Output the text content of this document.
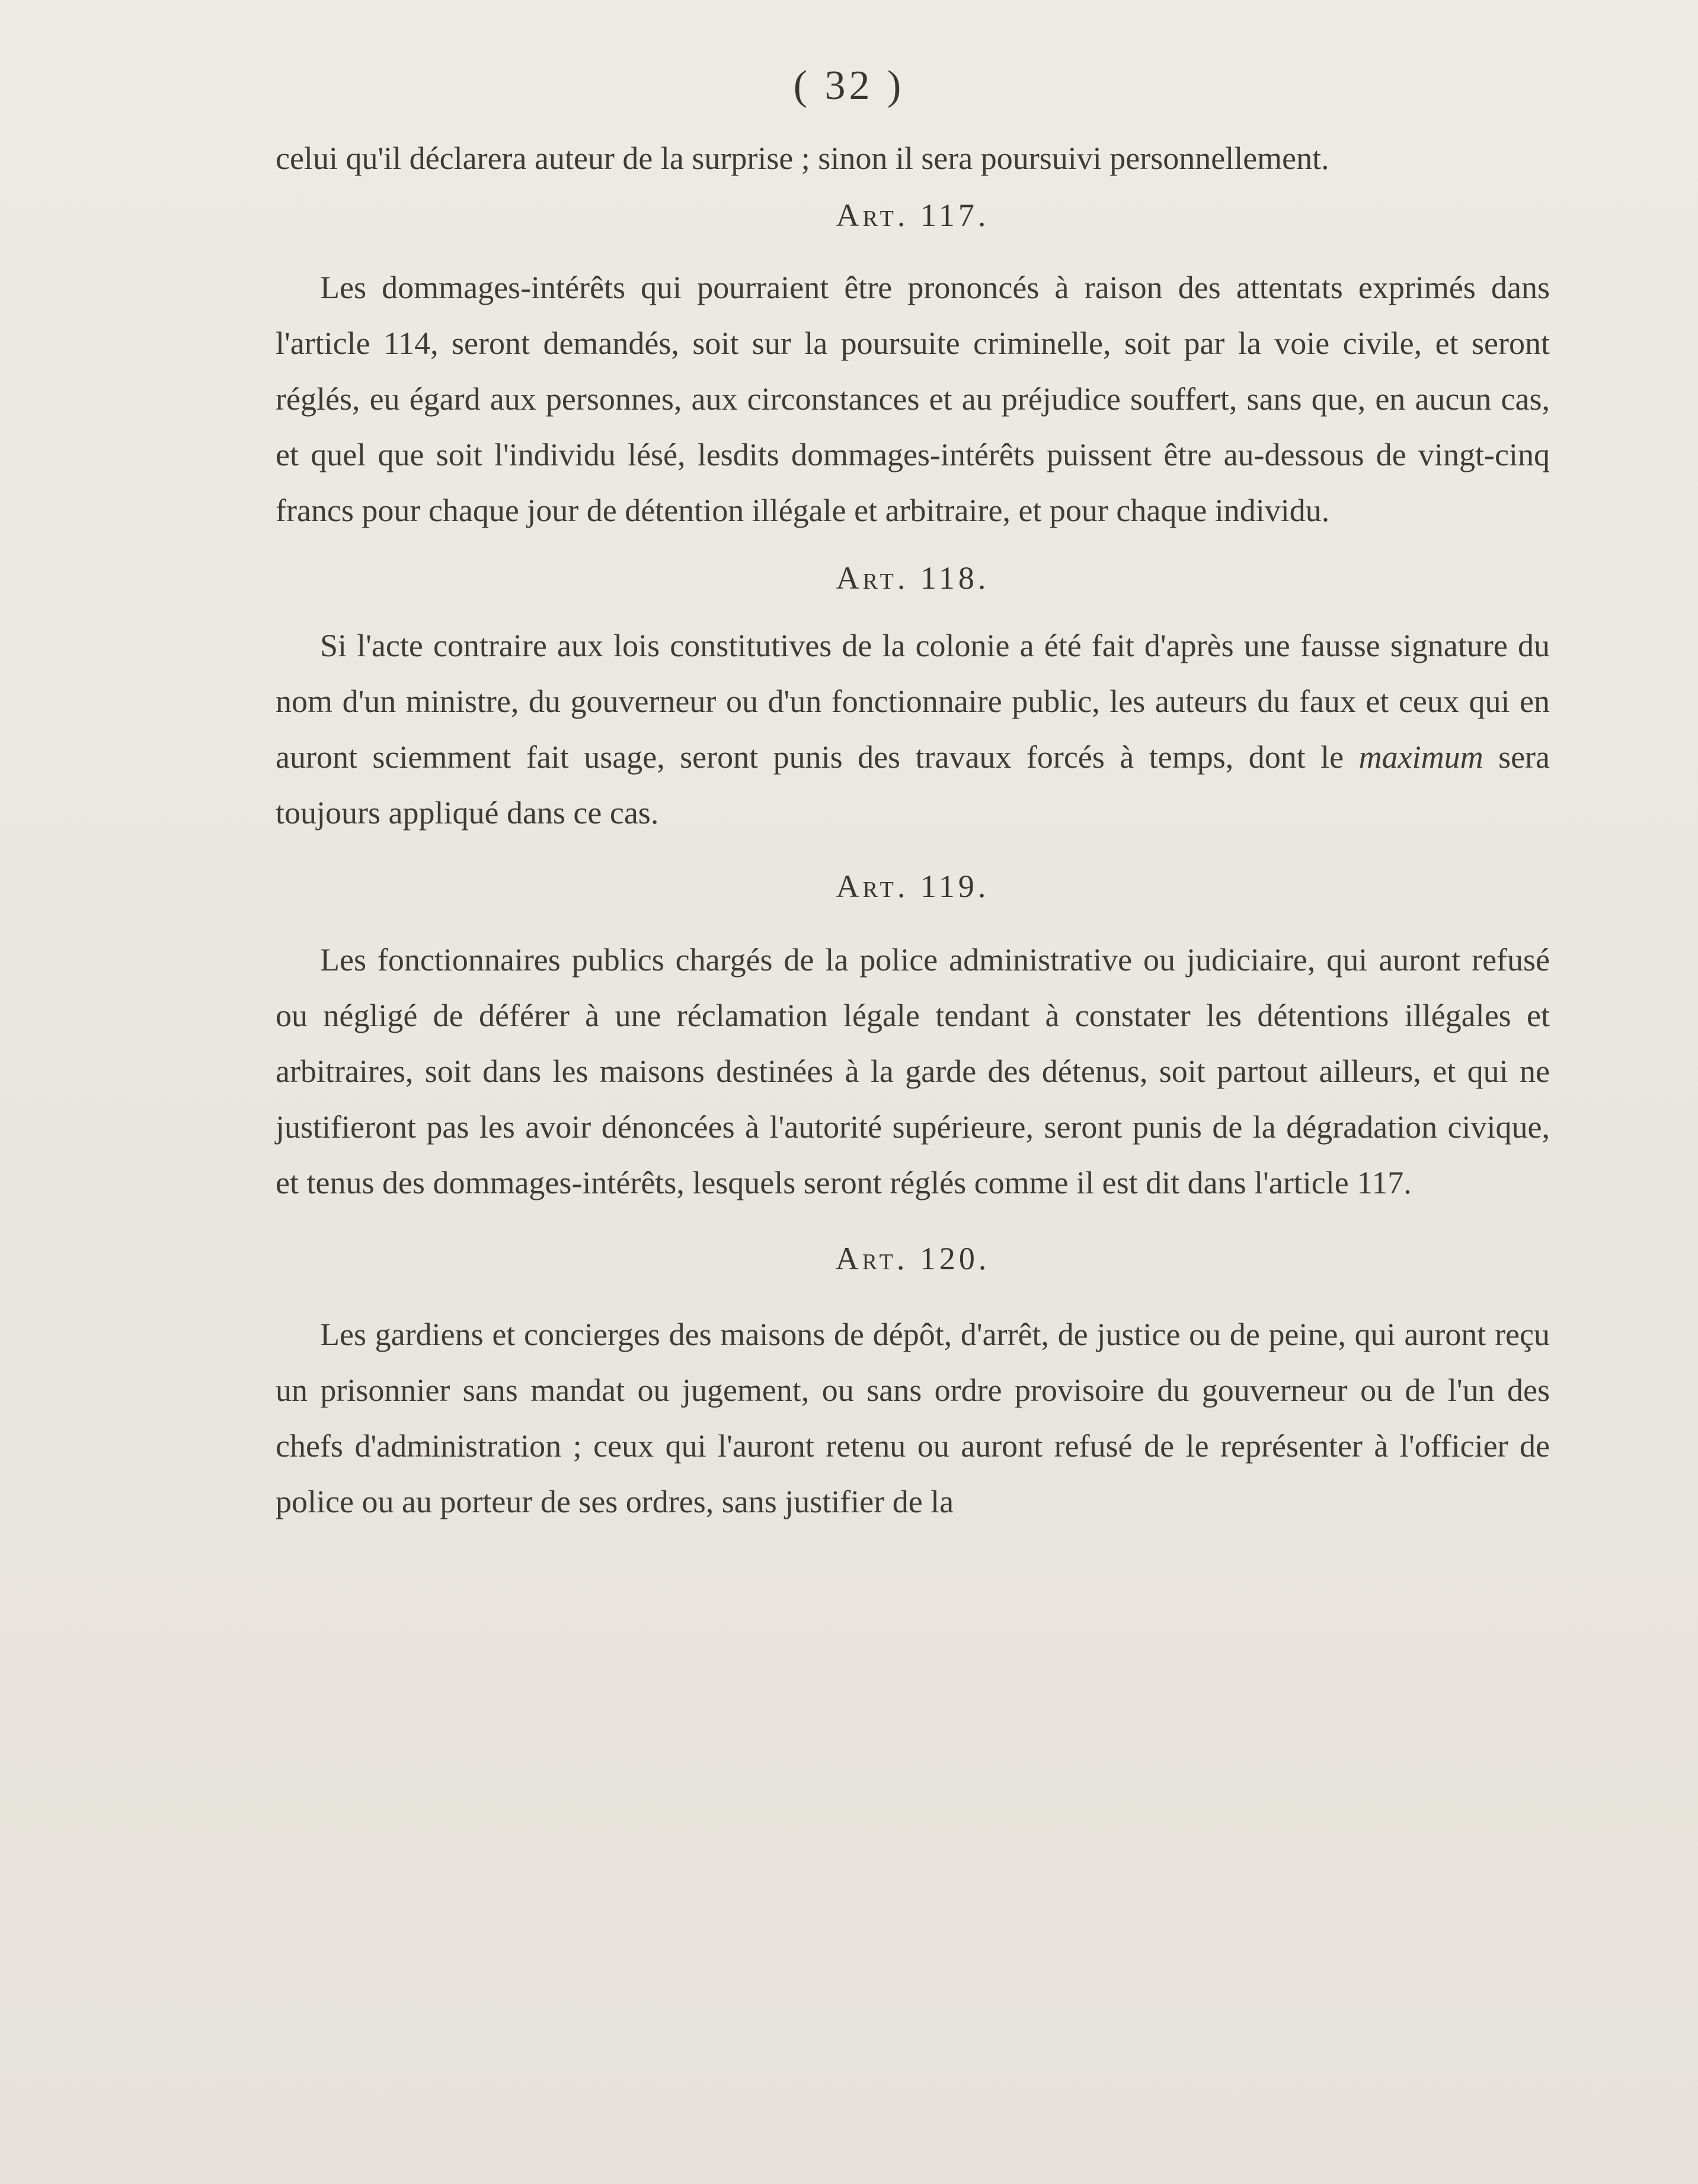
( 32 )

celui qu'il déclarera auteur de la surprise ; sinon il sera poursuivi personnellement.

Art. 117.

Les dommages-intérêts qui pourraient être prononcés à raison des attentats exprimés dans l'article 114, seront demandés, soit sur la poursuite criminelle, soit par la voie civile, et seront réglés, eu égard aux personnes, aux circonstances et au préjudice souffert, sans que, en aucun cas, et quel que soit l'individu lésé, lesdits dommages-intérêts puissent être au-dessous de vingt-cinq francs pour chaque jour de détention illégale et arbitraire, et pour chaque individu.

Art. 118.

Si l'acte contraire aux lois constitutives de la colonie a été fait d'après une fausse signature du nom d'un ministre, du gouverneur ou d'un fonctionnaire public, les auteurs du faux et ceux qui en auront sciemment fait usage, seront punis des travaux forcés à temps, dont le maximum sera toujours appliqué dans ce cas.

Art. 119.

Les fonctionnaires publics chargés de la police administrative ou judiciaire, qui auront refusé ou négligé de déférer à une réclamation légale tendant à constater les détentions illégales et arbitraires, soit dans les maisons destinées à la garde des détenus, soit partout ailleurs, et qui ne justifieront pas les avoir dénoncées à l'autorité supérieure, seront punis de la dégradation civique, et tenus des dommages-intérêts, lesquels seront réglés comme il est dit dans l'article 117.

Art. 120.

Les gardiens et concierges des maisons de dépôt, d'arrêt, de justice ou de peine, qui auront reçu un prisonnier sans mandat ou jugement, ou sans ordre provisoire du gouverneur ou de l'un des chefs d'administration ; ceux qui l'auront retenu ou auront refusé de le représenter à l'officier de police ou au porteur de ses ordres, sans justifier de la
